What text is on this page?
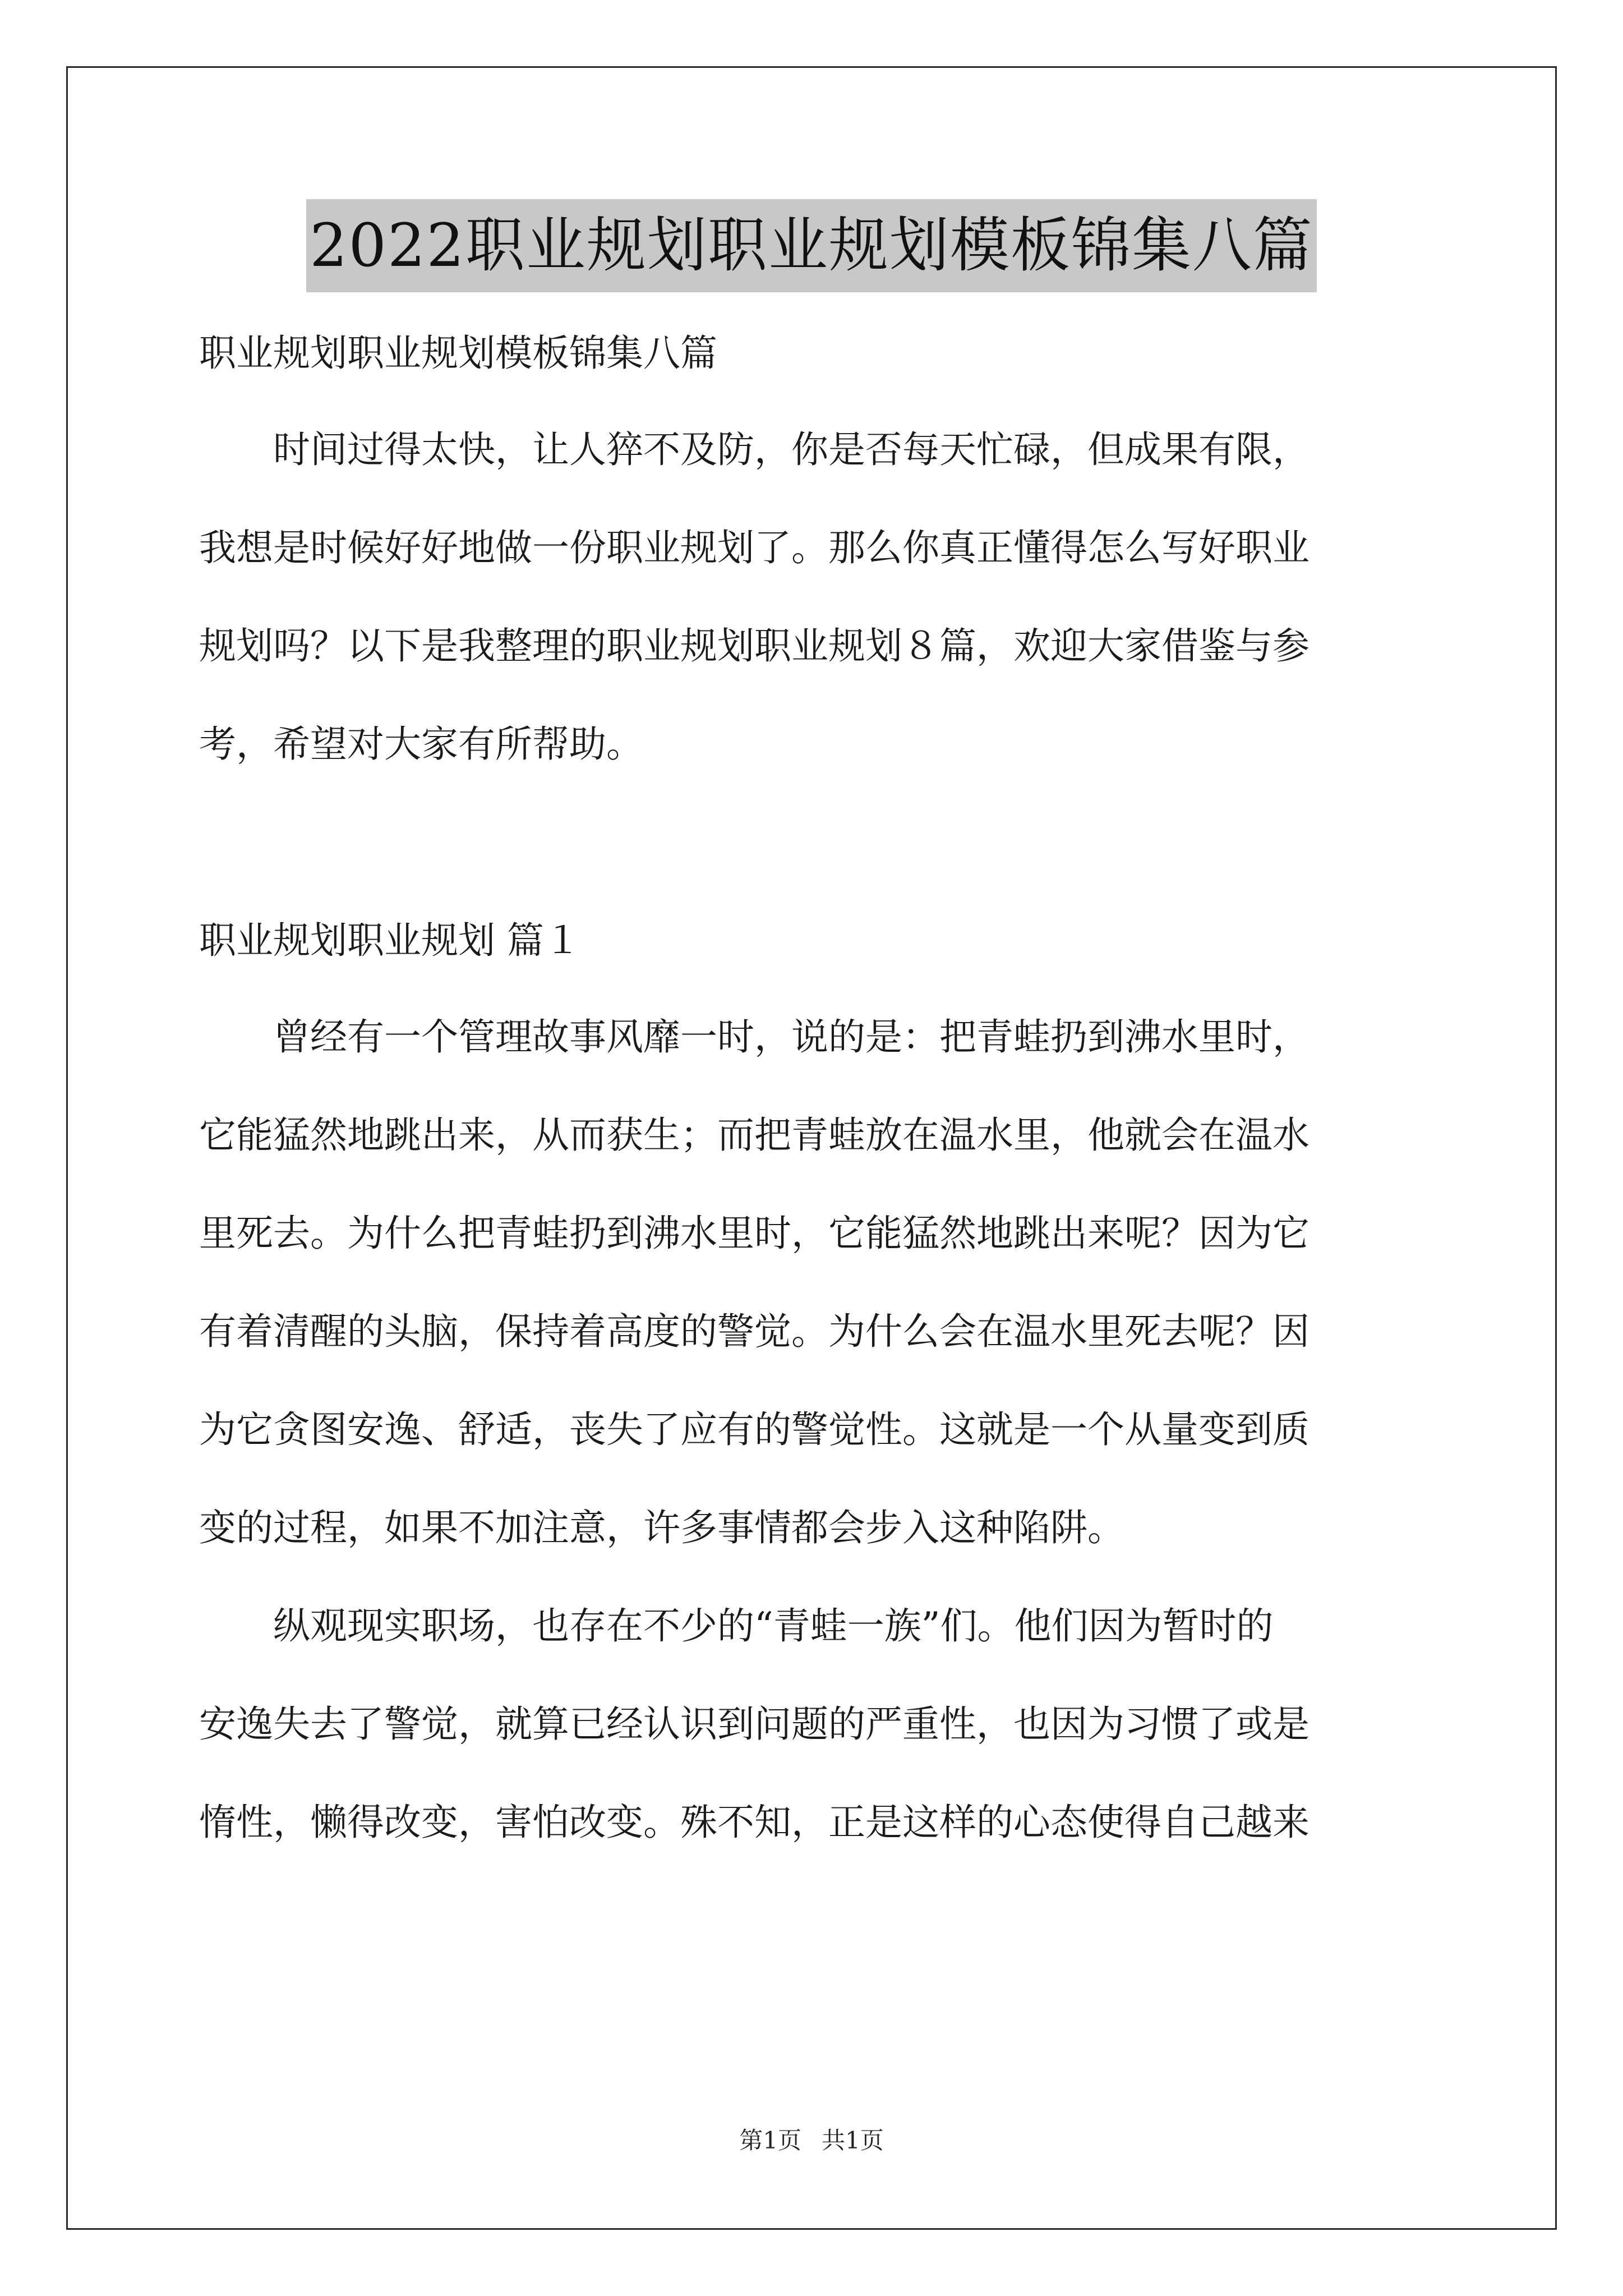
2022职业规划职业规划模板锦集八篇

职业规划职业规划模板锦集八篇

　　时间过得太快，让人猝不及防，你是否每天忙碌，但成果有限，

我想是时候好好地做一份职业规划了。那么你真正懂得怎么写好职业

规划吗？以下是我整理的职业规划职业规划８篇，欢迎大家借鉴与参

考，希望对大家有所帮助。

职业规划职业规划 篇１

　　曾经有一个管理故事风靡一时，说的是：把青蛙扔到沸水里时，

它能猛然地跳出来，从而获生；而把青蛙放在温水里，他就会在温水

里死去。为什么把青蛙扔到沸水里时，它能猛然地跳出来呢？因为它

有着清醒的头脑，保持着高度的警觉。为什么会在温水里死去呢？因

为它贪图安逸、舒适，丧失了应有的警觉性。这就是一个从量变到质

变的过程，如果不加注意，许多事情都会步入这种陷阱。

　　纵观现实职场，也存在不少的“青蛙一族”们。他们因为暂时的

安逸失去了警觉，就算已经认识到问题的严重性，也因为习惯了或是

惰性，懒得改变，害怕改变。殊不知，正是这样的心态使得自己越来

第1页 共1页
